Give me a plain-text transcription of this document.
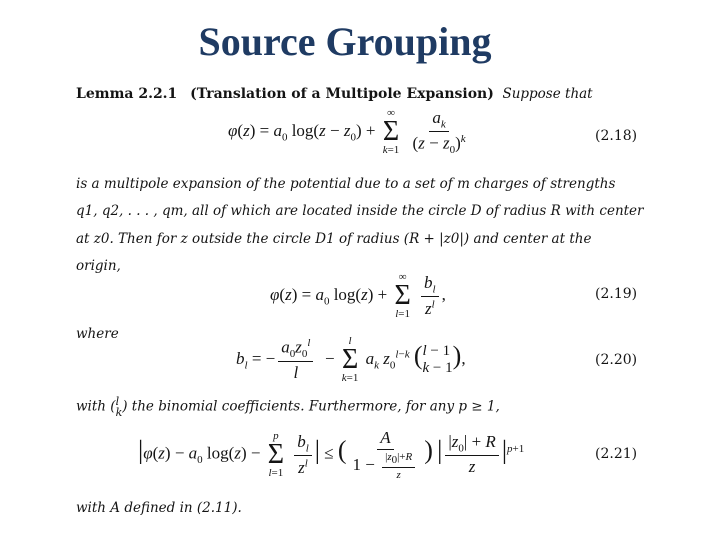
Source Grouping
Lemma 2.2.1 (Translation of a Multipole Expansion) Suppose that
$\varphi(z) = a_0$ $\log(z - z_0)$ +
∞
Σ
k=1
$\frac{a_k}{(z - z_0)^k}$	(2.18)
is a multipole expansion of the potential due to a set of m charges of strengths
q1, q2, . . . , qm, all of which are located inside the circle D of radius R with center
at z0. Then for z outside the circle D1 of radius (R + |z0|) and center at the
origin,
$\varphi(z) = a_0$ log(z) +
∞
Σ
l=1
$\frac{b_l}{z^l}$ ,	(2.19)
where
$b_l$ = − $\frac{a_0z_0^l}{l}$ −
l
Σ
k=1
$a_k$ $z_0^{l-k}$ ( l − 1
k − 1 ),	(2.20)
with ( l
k ) the binomial coefficients. Furthermore, for any p ≥ 1,
$|\varphi(z) - a_0$ log(z) −
p
Σ
l=1
$\frac{b_l}{z^l}$ | ≤ ( $\frac{A}{1 - \frac{|z_0|+R}{z}}$ ) | $\frac{|z_0| + R}{z} |^{p+1}$	(2.21)
with A defined in (2.11).
